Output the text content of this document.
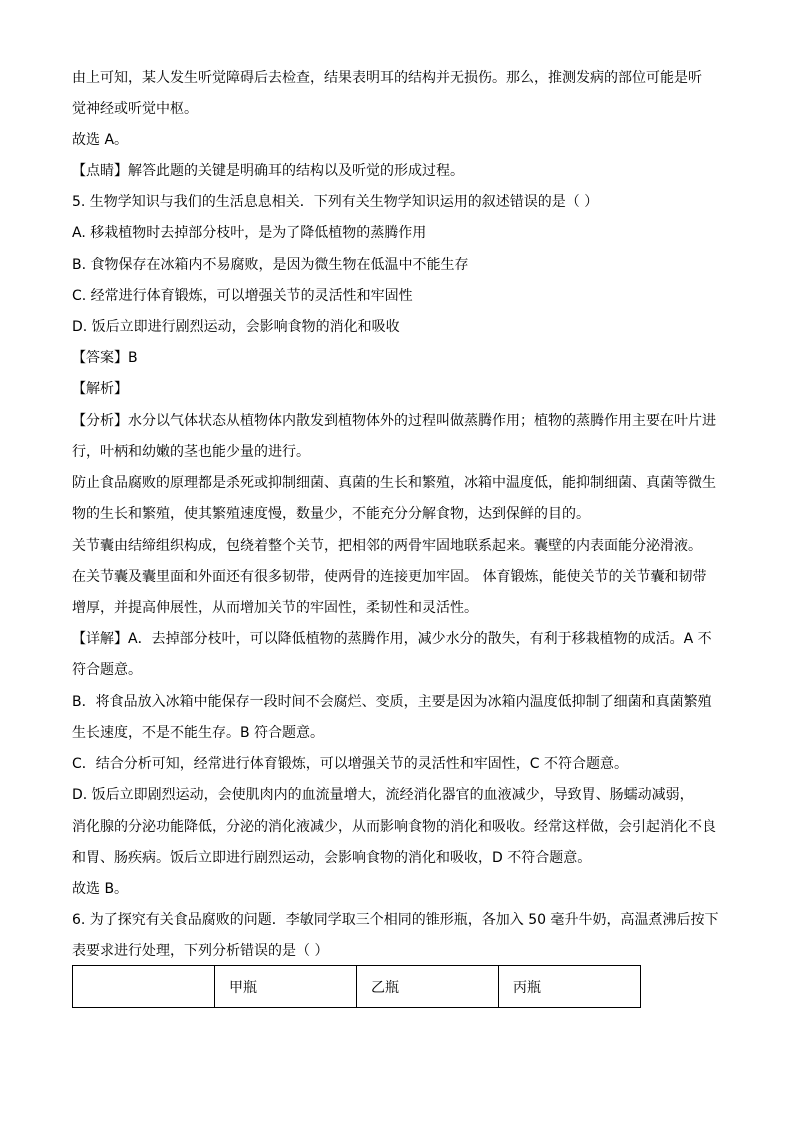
由上可知，某人发生听觉障碍后去检查，结果表明耳的结构并无损伤。那么，推测发病的部位可能是听
觉神经或听觉中枢。
故选 A。
【点睛】解答此题的关键是明确耳的结构以及听觉的形成过程。
5. 生物学知识与我们的生活息息相关．下列有关生物学知识运用的叙述错误的是（ ）
A. 移栽植物时去掉部分枝叶，是为了降低植物的蒸腾作用
B. 食物保存在冰箱内不易腐败，是因为微生物在低温中不能生存
C. 经常进行体育锻炼，可以增强关节的灵活性和牢固性
D. 饭后立即进行剧烈运动，会影响食物的消化和吸收
【答案】B
【解析】
【分析】水分以气体状态从植物体内散发到植物体外的过程叫做蒸腾作用；植物的蒸腾作用主要在叶片进
行，叶柄和幼嫩的茎也能少量的进行。
防止食品腐败的原理都是杀死或抑制细菌、真菌的生长和繁殖，冰箱中温度低，能抑制细菌、真菌等微生
物的生长和繁殖，使其繁殖速度慢，数量少，不能充分分解食物，达到保鲜的目的。
关节囊由结缔组织构成，包绕着整个关节，把相邻的两骨牢固地联系起来。囊壁的内表面能分泌滑液。
在关节囊及囊里面和外面还有很多韧带，使两骨的连接更加牢固。 体育锻炼，能使关节的关节囊和韧带
增厚，并提高伸展性，从而增加关节的牢固性，柔韧性和灵活性。
【详解】A．去掉部分枝叶，可以降低植物的蒸腾作用，减少水分的散失，有利于移栽植物的成活。A 不
符合题意。
B．将食品放入冰箱中能保存一段时间不会腐烂、变质，主要是因为冰箱内温度低抑制了细菌和真菌繁殖
生长速度，不是不能生存。B 符合题意。
C．结合分析可知，经常进行体育锻炼，可以增强关节的灵活性和牢固性，C 不符合题意。
D. 饭后立即剧烈运动，会使肌肉内的血流量增大，流经消化器官的血液减少，导致胃、肠蠕动减弱，
消化腺的分泌功能降低，分泌的消化液减少，从而影响食物的消化和吸收。经常这样做，会引起消化不良
和胃、肠疾病。饭后立即进行剧烈运动，会影响食物的消化和吸收，D 不符合题意。
故选 B。
6. 为了探究有关食品腐败的问题．李敏同学取三个相同的锥形瓶，各加入 50 毫升牛奶，高温煮沸后按下
表要求进行处理，下列分析错误的是（ ）
	甲瓶	乙瓶	丙瓶
